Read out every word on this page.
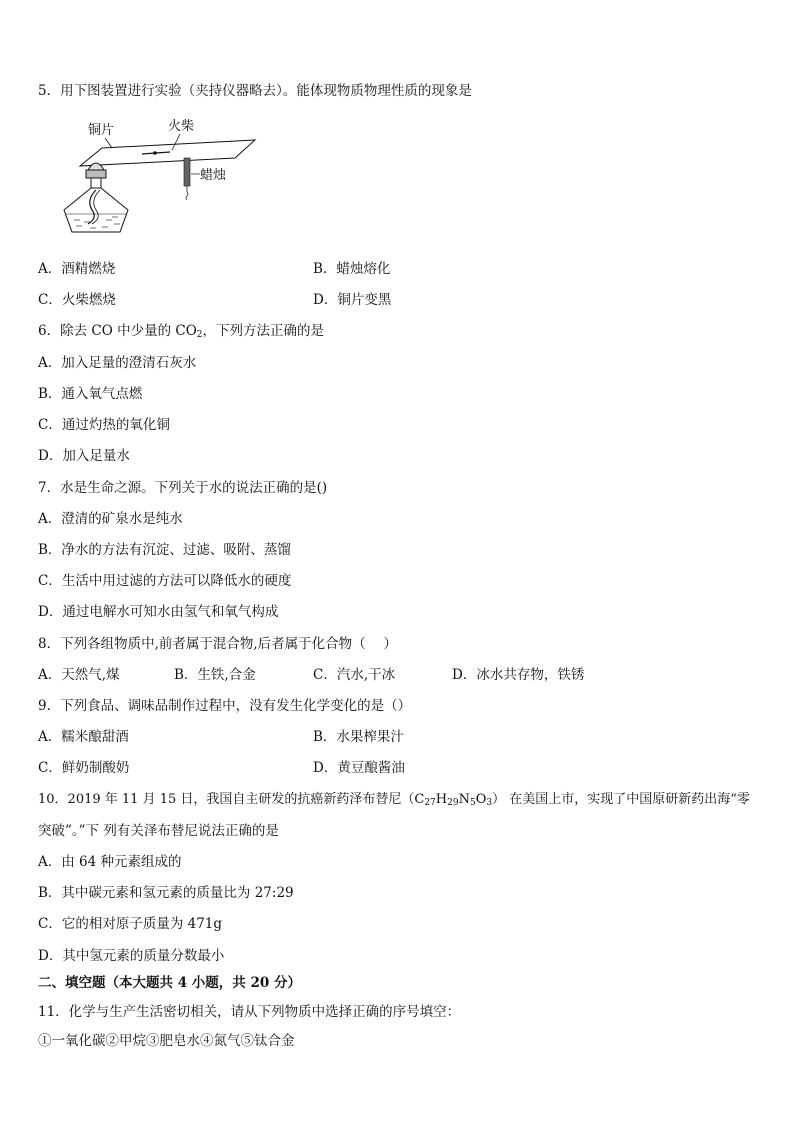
5．用下图装置进行实验（夹持仪器略去）。能体现物质物理性质的现象是
铜片	火柴
蜡烛
A．酒精燃烧	B．蜡烛熔化
C．火柴燃烧	D．铜片变黑
6．除去 CO 中少量的 $CO_2$，下列方法正确的是
A．加入足量的澄清石灰水
B．通入氧气点燃
C．通过灼热的氧化铜
D．加入足量水
7．水是生命之源。下列关于水的说法正确的是()
A．澄清的矿泉水是纯水
B．净水的方法有沉淀、过滤、吸附、蒸馏
C．生活中用过滤的方法可以降低水的硬度
D．通过电解水可知水由氢气和氧气构成
8．下列各组物质中,前者属于混合物,后者属于化合物（　 ）
A．天然气,煤	B．生铁,合金	C．汽水,干冰	D．冰水共存物，铁锈
9．下列食品、调味品制作过程中，没有发生化学变化的是（）
A．糯米酿甜酒	B．水果榨果汁
C．鲜奶制酸奶	D．黄豆酿酱油
10．2019 年 11 月 15 日，我国自主研发的抗癌新药泽布替尼$(C_{27}H_{29}N_5O_3)$ 在美国上市，实现了中国原研新药出海“零
突破”。”下 列有关泽布替尼说法正确的是
A．由 64 种元素组成的
B．其中碳元素和氢元素的质量比为 27:29
C．它的相对原子质量为 471g
D．其中氢元素的质量分数最小
二、填空题（本大题共 4 小题，共 20 分）
11．化学与生产生活密切相关，请从下列物质中选择正确的序号填空：
①一氧化碳②甲烷③肥皂水④氮气⑤钛合金
